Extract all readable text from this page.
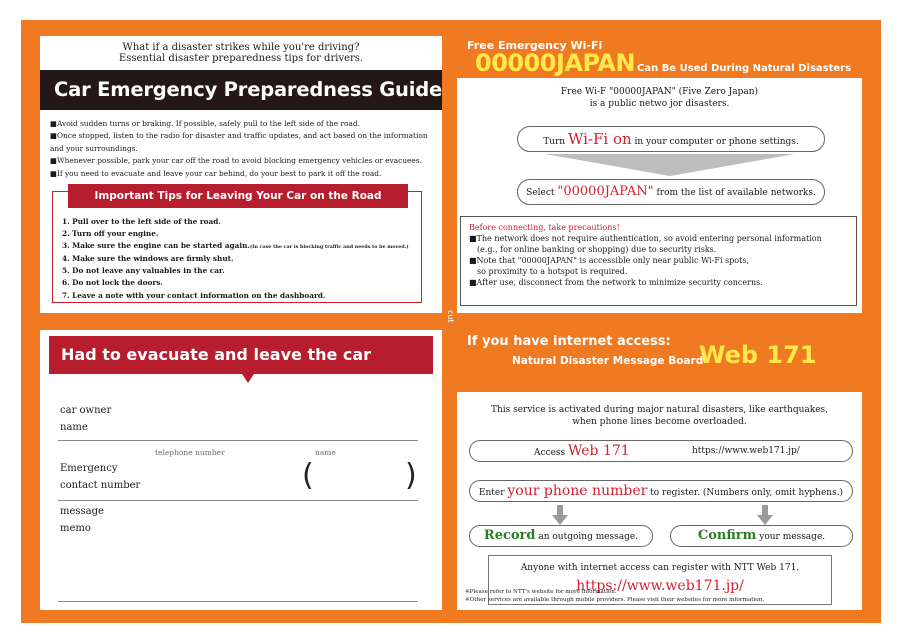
What if a disaster strikes while you're driving?
Essential disaster preparedness tips for drivers.
Car Emergency Preparedness Guide
■Avoid sudden turns or braking. If possible, safely pull to the left side of the road.
■Once stopped, listen to the radio for disaster and traffic updates, and act based on the information and your surroundings.
■Whenever possible, park your car off the road to avoid blocking emergency vehicles or evacuees.
■If you need to evacuate and leave your car behind, do your best to park it off the road.
Important Tips for Leaving Your Car on the Road
1. Pull over to the left side of the road.
2. Turn off your engine.
3. Make sure the engine can be started again.(In case the car is blocking traffic and needs to be moved.)
4. Make sure the windows are firmly shut.
5. Do not leave any valuables in the car.
6. Do not lock the doors.
7. Leave a note with your contact information on the dashboard.
Free Emergency Wi-Fi
00000JAPAN Can Be Used During Natural Disasters
Free Wi-F "00000JAPAN" (Five Zero Japan)
is a public netwo jor disasters.
Turn Wi-Fi on in your computer or phone settings.
Select "00000JAPAN" from the list of available networks.
Before connecting, take precautions!
■The network does not require authentication, so avoid entering personal information
(e.g., for online banking or shopping) due to security risks.
■Note that "00000JAPAN" is accessible only near public Wi-Fi spots,
so proximity to a hotspot is required.
■After use, disconnect from the network to minimize security concerns.
cut
Had to evacuate and leave the car behind
car owner
name
telephone number	name
Emergency
contact number	(	)
message
memo
If you have internet access:
Natural Disaster Message Board
Web 171
This service is activated during major natural disasters, like earthquakes,
when phone lines become overloaded.
Access Web 171	https://www.web171.jp/
Enter your phone number to register. (Numbers only, omit hyphens.)
Record an outgoing message.	Confirm your message.
Anyone with internet access can register with NTT Web 171.
https://www.web171.jp/
※Please refer to NTT's website for more information.
※Other services are available through mobile providers. Please visit their websites for more information.
